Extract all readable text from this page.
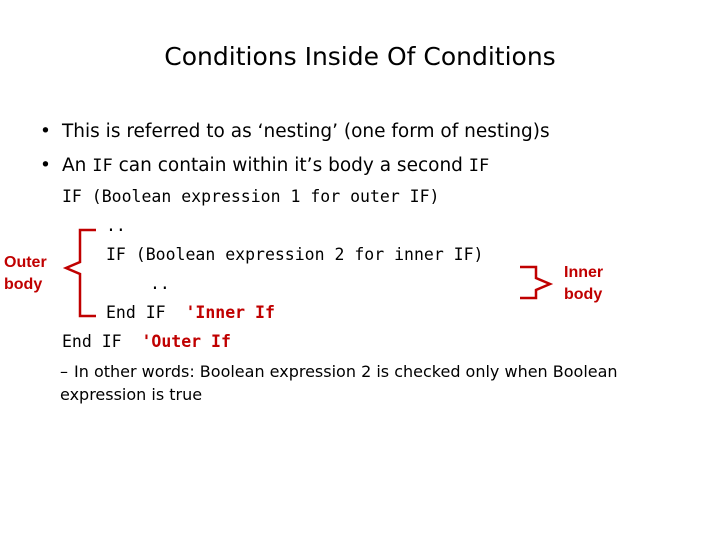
Conditions Inside Of Conditions
• This is referred to as ‘nesting’ (one form of nesting)s
• An IF can contain within it’s body a second IF
IF (Boolean expression 1 for outer IF)
..
IF (Boolean expression 2 for inner IF)
..
End IF  'Inner If
End IF  'Outer If
Outer
body
Inner
body
– In other words: Boolean expression 2 is checked only when Boolean expression is true
